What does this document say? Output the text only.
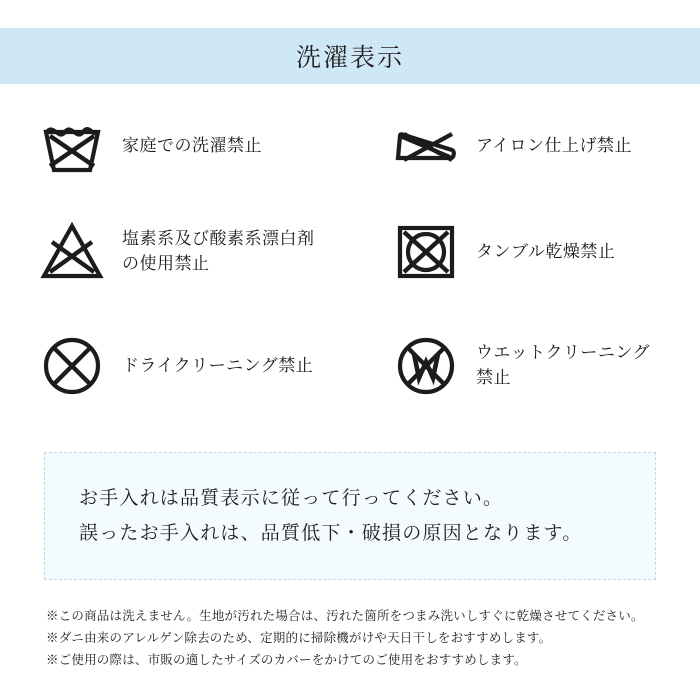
洗濯表示
家庭での洗濯禁止	アイロン仕上げ禁止
塩素系及び酸素系漂白剤
の使用禁止
タンブル乾燥禁止
ドライクリーニング禁止
ウエットクリーニング
禁止
お手入れは品質表示に従って行ってください。
誤ったお手入れは、品質低下・破損の原因となります。
※この商品は洗えません。生地が汚れた場合は、汚れた箇所をつまみ洗いしすぐに乾燥させてください。
※ダニ由来のアレルゲン除去のため、定期的に掃除機がけや天日干しをおすすめします。
※ご使用の際は、市販の適したサイズのカバーをかけてのご使用をおすすめします。
